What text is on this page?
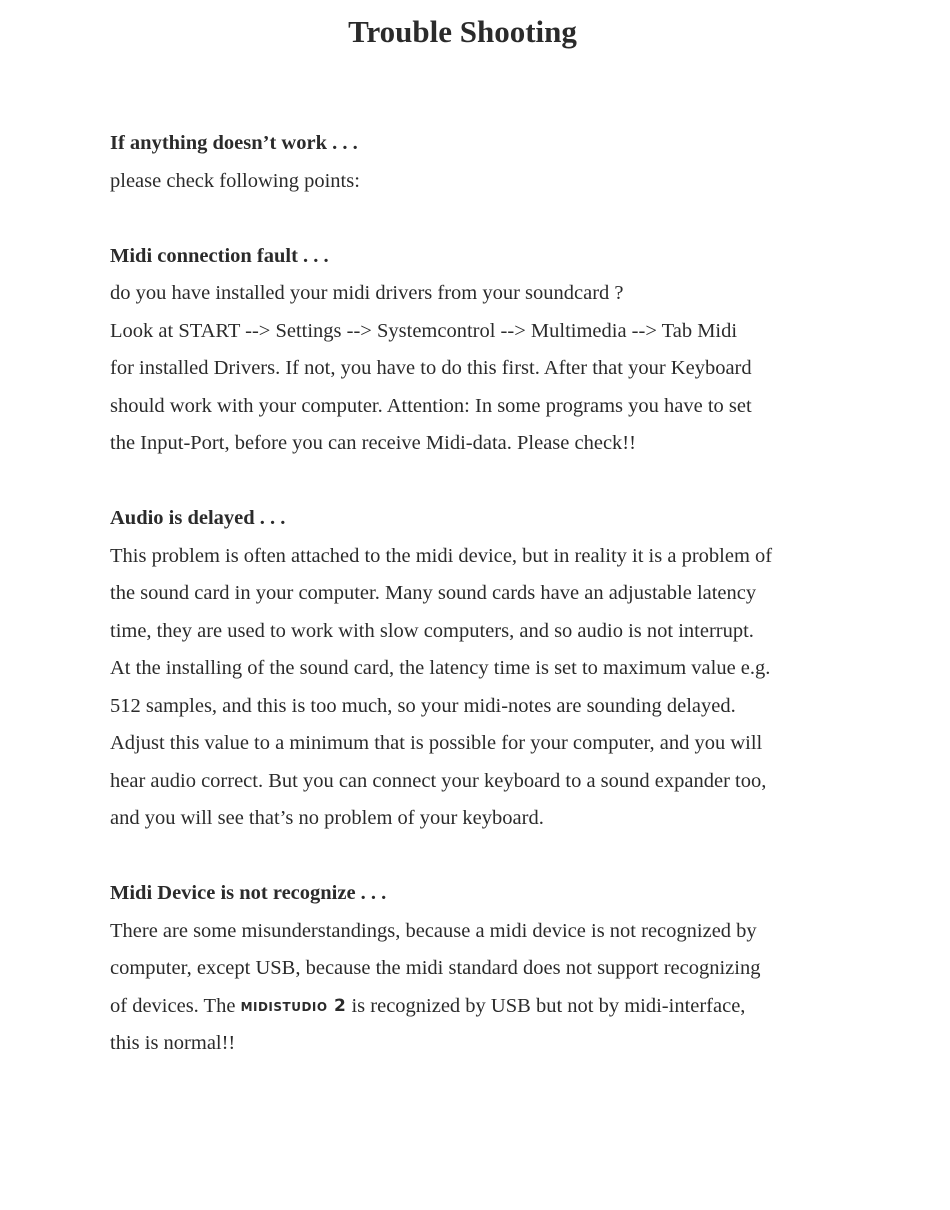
Trouble Shooting
If anything doesn’t work . . .
please check following points:
Midi connection fault . . .
do you have installed your midi drivers from your soundcard ?
Look at START --> Settings --> Systemcontrol --> Multimedia --> Tab Midi
for installed Drivers. If not, you have to do this first. After that your Keyboard
should work with your computer. Attention: In some programs you have to set
the Input-Port, before you can receive Midi-data. Please check!!
Audio is delayed . . .
This problem is often attached to the midi device, but in reality it is a problem of
the sound card in your computer. Many sound cards have an adjustable latency
time, they are used to work with slow computers, and so audio is not interrupt.
At the installing of the sound card, the latency time is set to maximum value e.g.
512 samples, and this is too much, so your midi-notes are sounding delayed.
Adjust this value to a minimum that is possible for your computer, and you will
hear audio correct. But you can connect your keyboard to a sound expander too,
and you will see that’s no problem of your keyboard.
Midi Device is not recognize . . .
There are some misunderstandings, because a midi device is not recognized by
computer, except USB, because the midi standard does not support recognizing
of devices. The midistudio 2 is recognized by USB but not by midi-interface,
this is normal!!
